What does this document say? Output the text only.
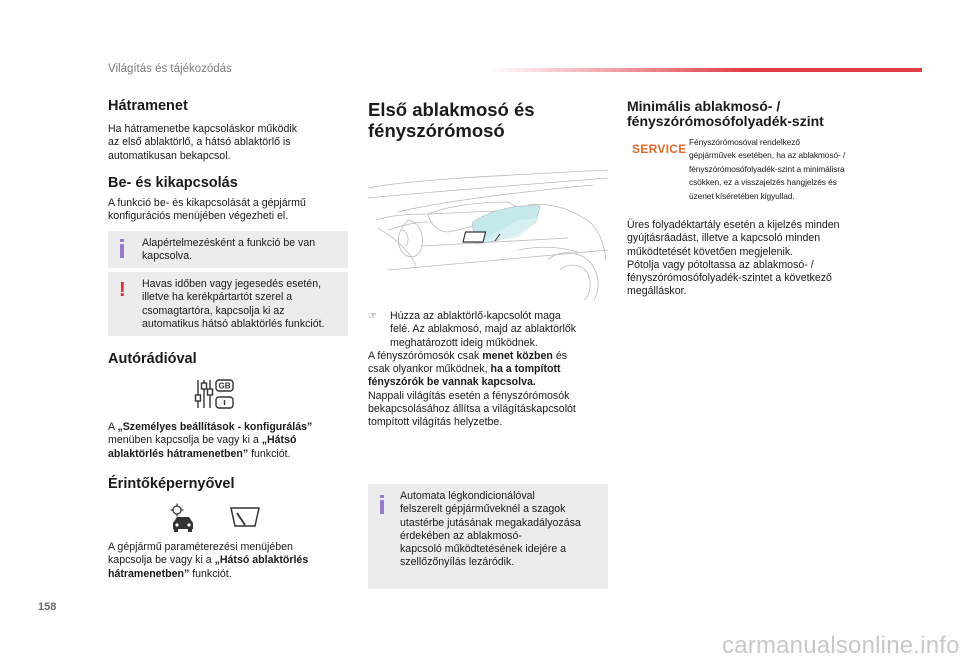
Világítás és tájékozódás
Hátramenet

Ha hátramenetbe kapcsoláskor működik

az első ablaktörlő, a hátsó ablaktörlő is

automatikusan bekapcsol.

Be- és kikapcsolás

A funkció be- és kikapcsolását a gépjármű

konfigurációs menüjében végezheti el.

Alapértelmezésként a funkció be van

kapcsolva.

! Havas időben vagy jegesedés esetén,

illetve ha kerékpártartót szerel a

csomagtartóra, kapcsolja ki az

automatikus hátsó ablaktörlés funkciót.

Autórádióval
GB

A „Személyes beállítások - konfigurálás”

menüben kapcsolja be vagy ki a „Hátsó

ablaktörlés hátramenetben” funkciót.

Érintőképernyővel

A gépjármű paraméterezési menüjében

kapcsolja be vagy ki a „Hátsó ablaktörlés

hátramenetben” funkciót.

Első ablakmosó és
fényszórómosó
☞ Húzza az ablaktörlő-kapcsolót maga

felé. Az ablakmosó, majd az ablaktörlők

meghatározott ideig működnek.

A fényszórómosók csak menet közben és

csak olyankor működnek, ha a tompított

fényszórók be vannak kapcsolva.

Nappali világítás esetén a fényszórómosók

bekapcsolásához állítsa a világításkapcsolót

tompított világítás helyzetbe.

Automata légkondicionálóval

felszerelt gépjárműveknél a szagok

utastérbe jutásának megakadályozása

érdekében az ablakmosó-

kapcsoló működtetésének idejére a

szellőzőnyílás lezáródik.

Minimális ablakmosó- /
fényszórómosófolyadék-szint
SERVICE Fényszórómosóval rendelkező

gépjárművek esetében, ha az ablakmosó- /

fényszórómosófolyadék-szint a minimálisra

csökken, ez a visszajelzés hangjelzés és

üzenet kíséretében kigyullad.

Üres folyadéktartály esetén a kijelzés minden

gyújtásráadást, illetve a kapcsoló minden

működtetését követően megjelenik.

Pótolja vagy pótoltassa az ablakmosó- /

fényszórómosófolyadék-szintet a következő

megálláskor.

158
carmanualsonline.info
